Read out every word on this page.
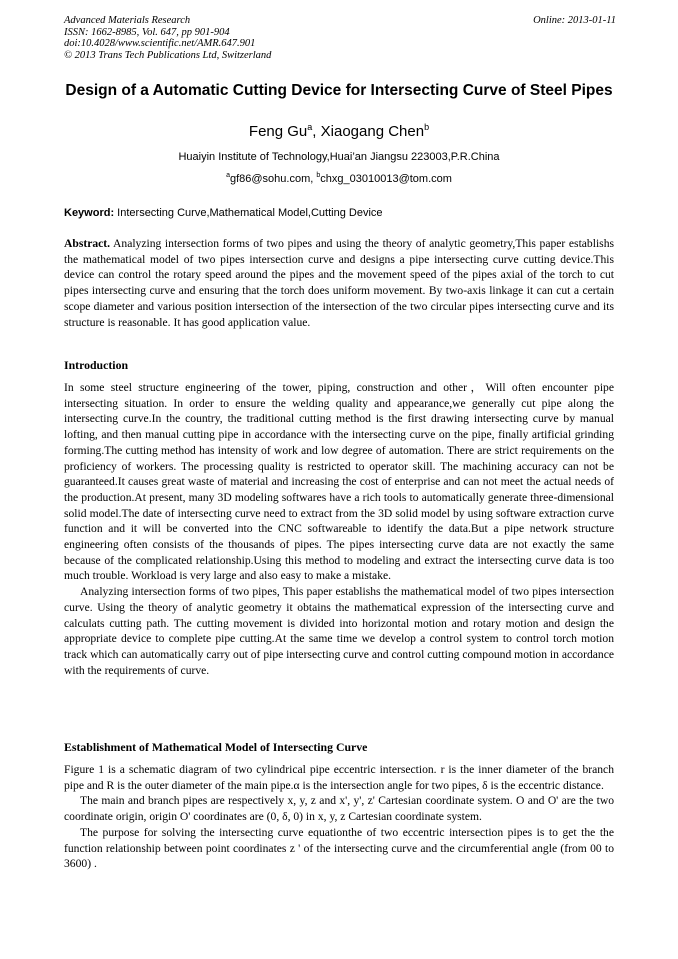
Advanced Materials Research
ISSN: 1662-8985, Vol. 647, pp 901-904
doi:10.4028/www.scientific.net/AMR.647.901
© 2013 Trans Tech Publications Ltd, Switzerland
Online: 2013-01-11
Design of a Automatic Cutting Device for Intersecting Curve of Steel Pipes
Feng Gu$^a$, Xiaogang Chen$^b$
Huaiyin Institute of Technology,Huai’an Jiangsu 223003,P.R.China
$^a$gf86@sohu.com, $^b$chxg_03010013@tom.com
Keyword: Intersecting Curve,Mathematical Model,Cutting Device

Abstract. Analyzing intersection forms of two pipes and using the theory of analytic geometry,This paper establishs the mathematical model of two pipes intersection curve and designs a pipe intersecting curve cutting device.This device can control the rotary speed around the pipes and the movement speed of the pipes axial of the torch to cut pipes intersecting curve and ensuring that the torch does uniform movement. By two-axis linkage it can cut a certain scope diameter and various position intersection of the intersection of the two circular pipes intersecting curve and its structure is reasonable. It has good application value.

Introduction

In some steel structure engineering of the tower, piping, construction and other，Will often encounter pipe intersecting situation. In order to ensure the welding quality and appearance,we generally cut pipe along the intersecting curve.In the country, the traditional cutting method is the first drawing intersecting curve by manual lofting, and then manual cutting pipe in accordance with the intersecting curve on the pipe, finally artificial grinding forming.The cutting method has intensity of work and low degree of automation. There are strict requirements on the proficiency of workers. The processing quality is restricted to operator skill. The machining accuracy can not be guaranteed.It causes great waste of material and increasing the cost of enterprise and can not meet the actual needs of the production.At present, many 3D modeling softwares have a rich tools to automatically generate three-dimensional solid model.The date of intersecting curve need to extract from the 3D solid model by using software extraction curve function and it will be converted into the CNC softwareable to identify the data.But a pipe network structure engineering often consists of the thousands of pipes. The pipes intersecting curve data are not exactly the same because of the complicated relationship.Using this method to modeling and extract the intersecting curve data is too much trouble. Workload is very large and also easy to make a mistake.

Analyzing intersection forms of two pipes, This paper establishs the mathematical model of two pipes intersection curve. Using the theory of analytic geometry it obtains the mathematical expression of the intersecting curve and calculats cutting path. The cutting movement is divided into horizontal motion and rotary motion and design the appropriate device to complete pipe cutting.At the same time we develop a control system to control torch motion track which can automatically carry out of pipe intersecting curve and control cutting compound motion in accordance with the requirements of curve.

Establishment of Mathematical Model of Intersecting Curve

Figure 1 is a schematic diagram of two cylindrical pipe eccentric intersection. r is the inner diameter of the branch pipe and R is the outer diameter of the main pipe.α is the intersection angle for two pipes, δ is the eccentric distance.

The main and branch pipes are respectively x, y, z and x', y', z' Cartesian coordinate system. O and O' are the two coordinate origin, origin O' coordinates are (0, δ, 0) in x, y, z Cartesian coordinate system.

The purpose for solving the intersecting curve equationthe of two eccentric intersection pipes is to get the the function relationship between point coordinates z ' of the intersecting curve and the circumferential angle (from 00 to 3600) .
